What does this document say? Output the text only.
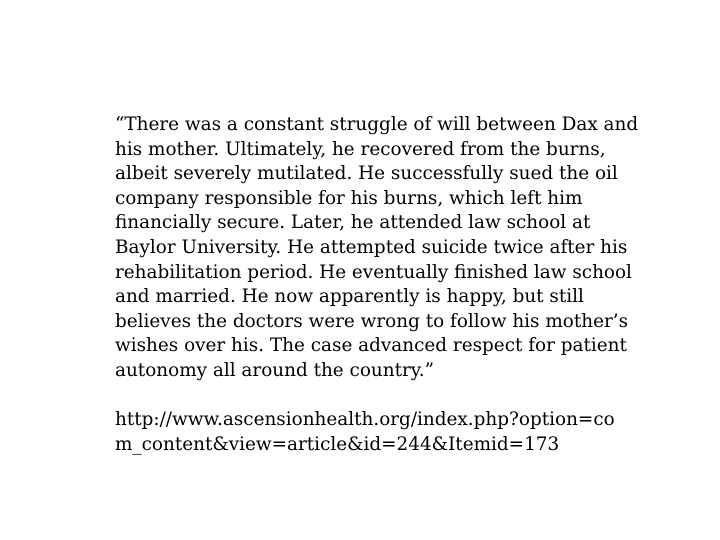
“There was a constant struggle of will between Dax and
his mother. Ultimately, he recovered from the burns,
albeit severely mutilated. He successfully sued the oil
company responsible for his burns, which left him
financially secure. Later, he attended law school at
Baylor University. He attempted suicide twice after his
rehabilitation period. He eventually finished law school
and married. He now apparently is happy, but still
believes the doctors were wrong to follow his mother’s
wishes over his. The case advanced respect for patient
autonomy all around the country.”
http://www.ascensionhealth.org/index.php?option=co
m_content&view=article&id=244&Itemid=173
